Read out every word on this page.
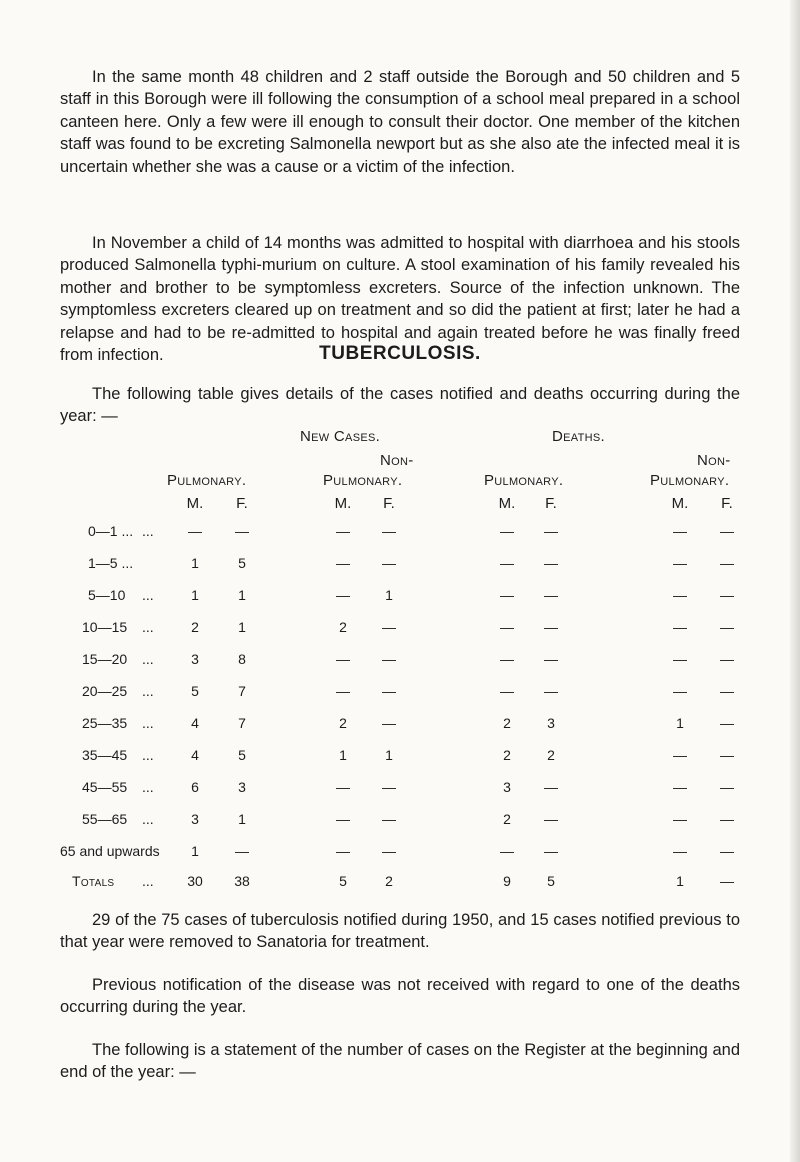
In the same month 48 children and 2 staff outside the Borough and 50 children and 5 staff in this Borough were ill following the consumption of a school meal prepared in a school canteen here. Only a few were ill enough to consult their doctor. One member of the kitchen staff was found to be excreting Salmonella newport but as she also ate the infected meal it is uncertain whether she was a cause or a victim of the infection.
In November a child of 14 months was admitted to hospital with diarrhoea and his stools produced Salmonella typhi-murium on culture. A stool examination of his family revealed his mother and brother to be symptomless excreters. Source of the infection unknown. The symptomless excreters cleared up on treatment and so did the patient at first; later he had a relapse and had to be re-admitted to hospital and again treated before he was finally freed from infection.	TUBERCULOSIS.
The following table gives details of the cases notified and deaths occurring during the year: —
New Cases.	Deaths.
Non-	Non-
Pulmonary.	Pulmonary.	Pulmonary.	Pulmonary.
M.	F.	M.	F.	M.	F.	M.	F.
0—1 ... ...	—	—	—	—	—	—	—	—
1—5 ...	1	5	—	—	—	—	—	—
5—10 ...	1	1	—	1	—	—	—	—
10—15 ...	2	1	2	—	—	—	—	—
15—20 ...	3	8	—	—	—	—	—	—
20—25 ...	5	7	—	—	—	—	—	—
25—35 ...	4	7	2	—	2	3	1	—
35—45 ...	4	5	1	1	2	2	—	—
45—55 ...	6	3	—	—	3	—	—	—
55—65 ...	3	1	—	—	2	—	—	—
65 and upwards	1	—	—	—	—	—	—	—
Totals ...	30	38	5	2	9	5	1	—
29 of the 75 cases of tuberculosis notified during 1950, and 15 cases notified previous to that year were removed to Sanatoria for treatment.
Previous notification of the disease was not received with regard to one of the deaths occurring during the year.
The following is a statement of the number of cases on the Register at the beginning and end of the year: —
